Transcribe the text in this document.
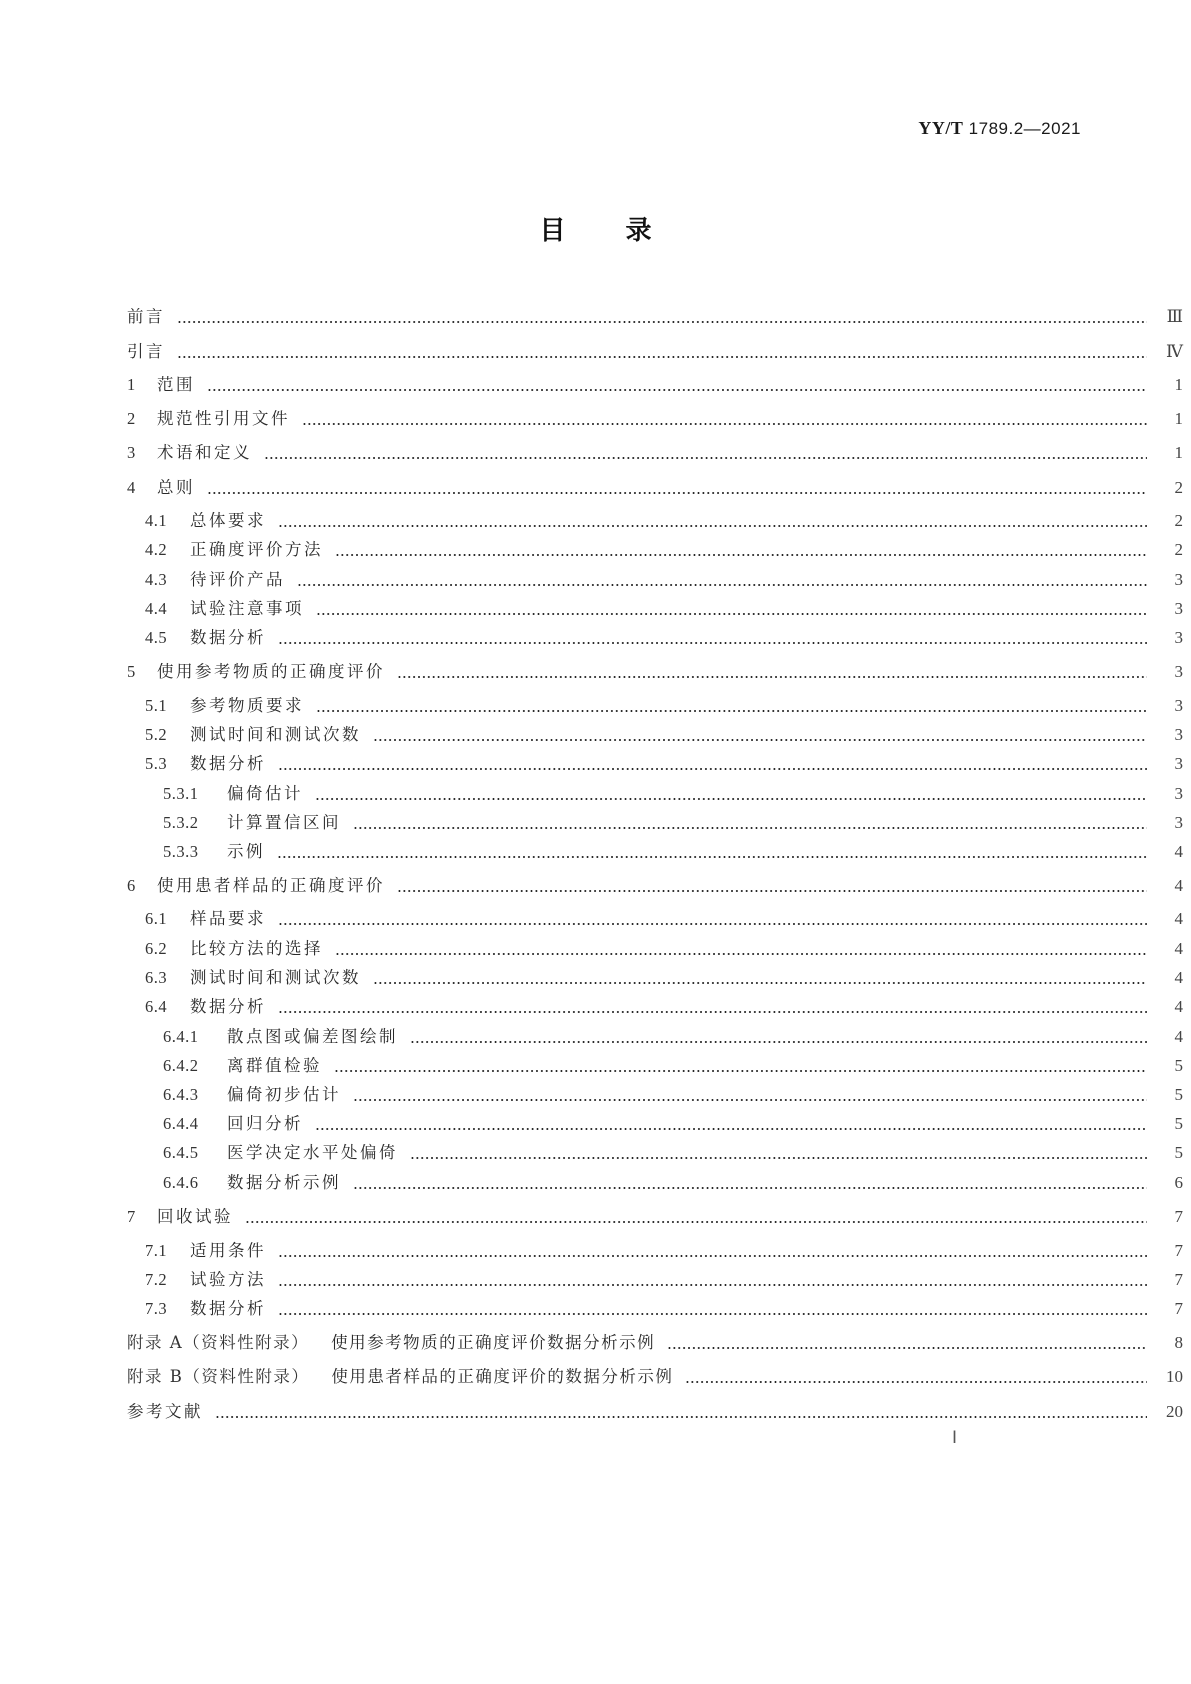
YY/T 1789.2—2021
目录
前言	Ⅲ
引言	Ⅳ
1	范围	1
2	规范性引用文件	1
3	术语和定义	1
4	总则	2
4.1	总体要求	2
4.2	正确度评价方法	2
4.3	待评价产品	3
4.4	试验注意事项	3
4.5	数据分析	3
5	使用参考物质的正确度评价	3
5.1	参考物质要求	3
5.2	测试时间和测试次数	3
5.3	数据分析	3
5.3.1	偏倚估计	3
5.3.2	计算置信区间	3
5.3.3	示例	4
6	使用患者样品的正确度评价	4
6.1	样品要求	4
6.2	比较方法的选择	4
6.3	测试时间和测试次数	4
6.4	数据分析	4
6.4.1	散点图或偏差图绘制	4
6.4.2	离群值检验	5
6.4.3	偏倚初步估计	5
6.4.4	回归分析	5
6.4.5	医学决定水平处偏倚	5
6.4.6	数据分析示例	6
7	回收试验	7
7.1	适用条件	7
7.2	试验方法	7
7.3	数据分析	7
附录 A（资料性附录） 使用参考物质的正确度评价数据分析示例	8
附录 B（资料性附录） 使用患者样品的正确度评价的数据分析示例	10
参考文献	20
Ⅰ
